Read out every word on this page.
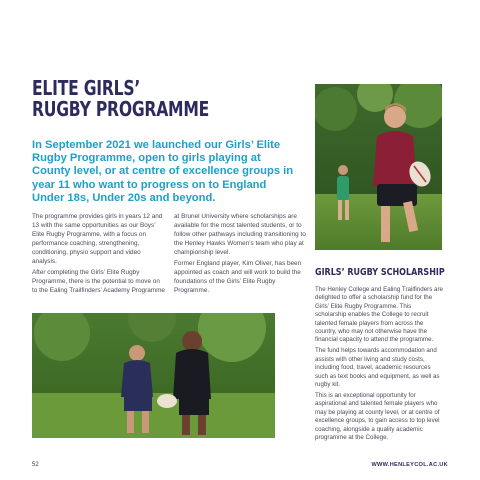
ELITE GIRLS’
RUGBY PROGRAMME

In September 2021 we launched our Girls’ Elite Rugby Programme, open to girls playing at County level, or at centre of excellence groups in year 11 who want to progress on to England Under 18s, Under 20s and beyond.

The programme provides girls in years 12 and 13 with the same opportunities as our Boys’ Elite Rugby Programme, with a focus on performance coaching, strengthening, conditioning, physio support and video analysis.

After completing the Girls’ Elite Rugby Programme, there is the potential to move on to the Ealing Trailfinders’ Academy Programme

at Brunel University where scholarships are available for the most talented students, or to follow other pathways including transitioning to the Henley Hawks Women’s team who play at championship level.

Former England player, Kim Oliver, has been appointed as coach and will work to build the foundations of the Girls’ Elite Rugby Programme.

GIRLS’ RUGBY SCHOLARSHIP

The Henley College and Ealing Trailfinders are delighted to offer a scholarship fund for the Girls’ Elite Rugby Programme. This scholarship enables the College to recruit talented female players from across the country, who may not otherwise have the financial capacity to attend the programme.

The fund helps towards accommodation and assists with other living and study costs, including food, travel, academic resources such as text books and equipment, as well as rugby kit.

This is an exceptional opportunity for aspirational and talented female players who may be playing at county level, or at centre of excellence groups, to gain access to top level coaching, alongside a quality academic programme at the College.

52	WWW.HENLEYCOL.AC.UK
